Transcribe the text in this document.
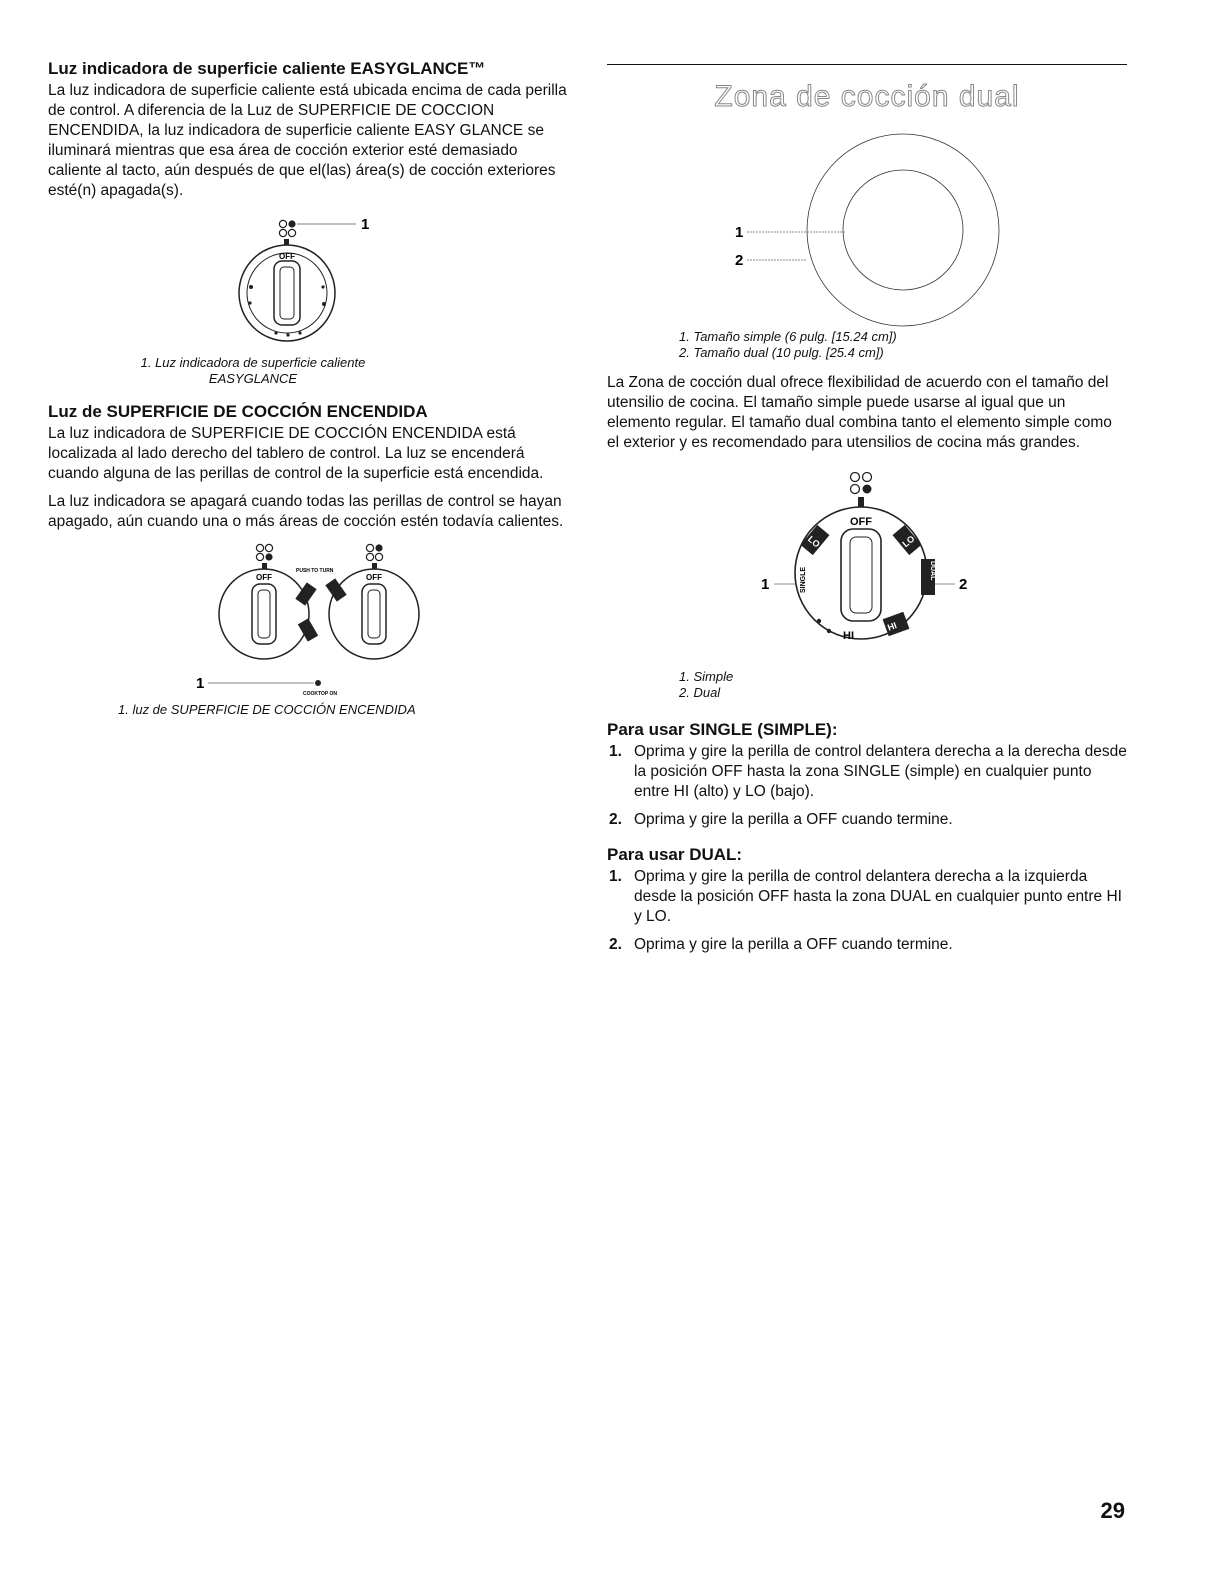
Luz indicadora de superficie caliente EASYGLANCE™

La luz indicadora de superficie caliente está ubicada encima de cada perilla de control. A diferencia de la Luz de SUPERFICIE DE COCCION ENCENDIDA, la luz indicadora de superficie caliente EASY GLANCE se iluminará mientras que esa área de cocción exterior esté demasiado caliente al tacto, aún después de que el(las) área(s) de cocción exteriores esté(n) apagada(s).

1
OFF
1. Luz indicadora de superficie caliente
EASYGLANCE
Luz de SUPERFICIE DE COCCIÓN ENCENDIDA

La luz indicadora de SUPERFICIE DE COCCIÓN ENCENDIDA está localizada al lado derecho del tablero de control. La luz se encenderá cuando alguna de las perillas de control de la superficie está encendida.

La luz indicadora se apagará cuando todas las perillas de control se hayan apagado, aún cuando una o más áreas de cocción estén todavía calientes.

OFF	OFF
PUSH TO TURN
1
COOKTOP ON
1. luz de SUPERFICIE DE COCCIÓN ENCENDIDA
Zona de cocción dual
1
2
1. Tamaño simple (6 pulg. [15.24 cm])
2. Tamaño dual (10 pulg. [25.4 cm])

La Zona de cocción dual ofrece flexibilidad de acuerdo con el tamaño del utensilio de cocina. El tamaño simple puede usarse al igual que un elemento regular. El tamaño dual combina tanto el elemento simple como el exterior y es recomendado para utensilios de cocina más grandes.

OFF
LO	LO
DUAL
SINGLE
HI
HI
1	2
1. Simple
2. Dual
Para usar SINGLE (SIMPLE):
1. Oprima y gire la perilla de control delantera derecha a la derecha desde la posición OFF hasta la zona SINGLE (simple) en cualquier punto entre HI (alto) y LO (bajo).
2. Oprima y gire la perilla a OFF cuando termine.
Para usar DUAL:
1. Oprima y gire la perilla de control delantera derecha a la izquierda desde la posición OFF hasta la zona DUAL en cualquier punto entre HI y LO.
2. Oprima y gire la perilla a OFF cuando termine.
29
